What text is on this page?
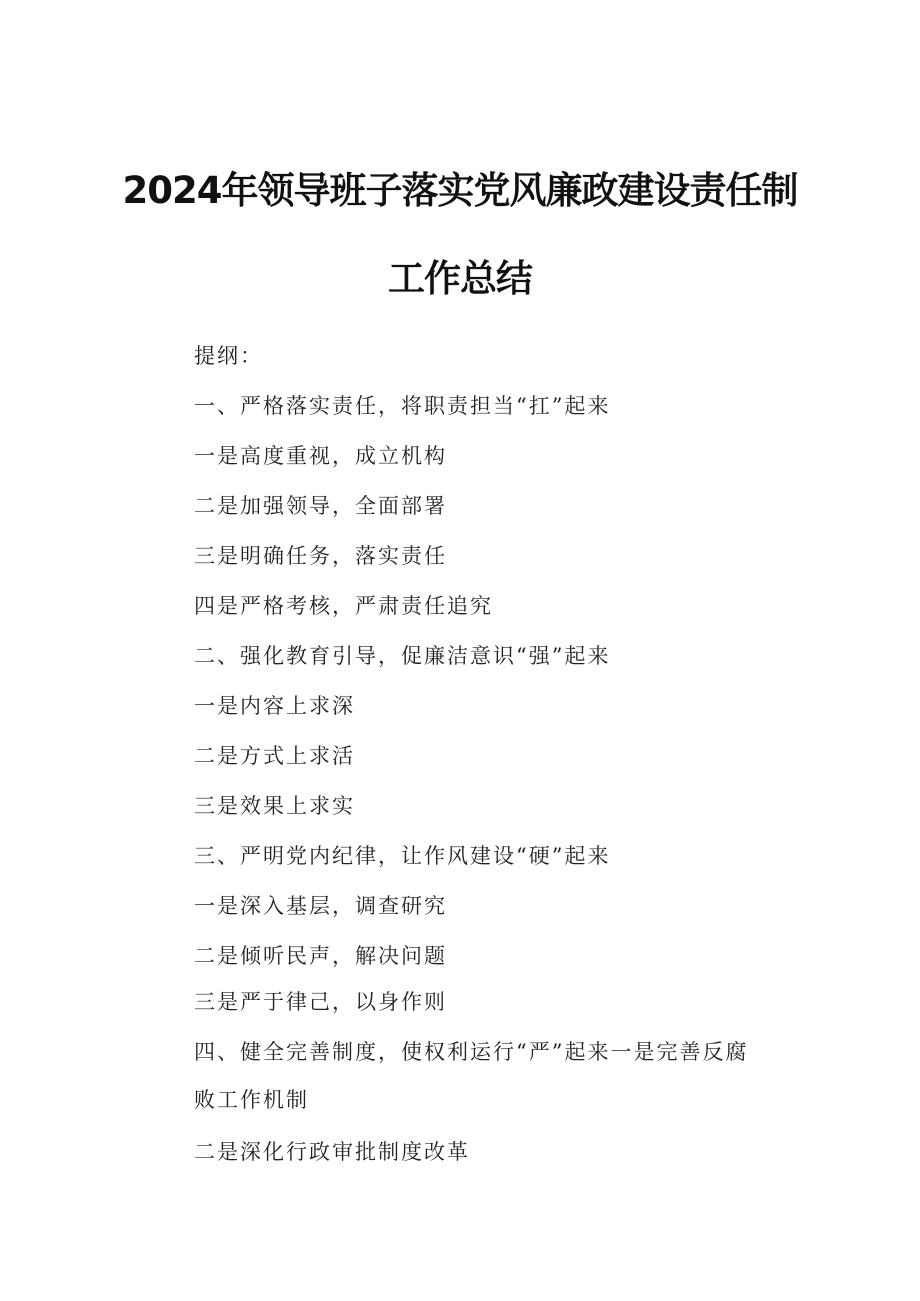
2024年领导班子落实党风廉政建设责任制
工作总结
提纲：
一、严格落实责任，将职责担当“扛”起来
一是高度重视，成立机构
二是加强领导，全面部署
三是明确任务，落实责任
四是严格考核，严肃责任追究
二、强化教育引导，促廉洁意识“强”起来
一是内容上求深
二是方式上求活
三是效果上求实
三、严明党内纪律，让作风建设“硬”起来
一是深入基层，调查研究
二是倾听民声，解决问题
三是严于律己，以身作则
四、健全完善制度，使权利运行“严”起来一是完善反腐
败工作机制
二是深化行政审批制度改革
